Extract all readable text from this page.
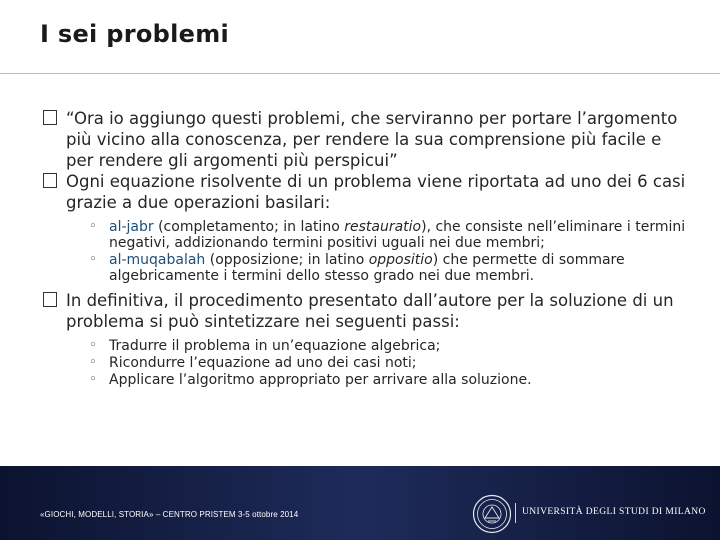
I sei problemi
“Ora io aggiungo questi problemi, che serviranno per portare l’argomento più vicino alla conoscenza, per rendere la sua comprensione più facile e per rendere gli argomenti più perspicui”
Ogni equazione risolvente di un problema viene riportata ad uno dei 6 casi grazie a due operazioni basilari:
◦ al-jabr (completamento; in latino restauratio), che consiste nell’eliminare i termini negativi, addizionando termini positivi uguali nei due membri;
◦ al-muqabalah (opposizione; in latino oppositio) che permette di sommare algebricamente i termini dello stesso grado nei due membri.
In definitiva, il procedimento presentato dall’autore per la soluzione di un problema si può sintetizzare nei seguenti passi:
◦ Tradurre il problema in un’equazione algebrica;
◦ Ricondurre l’equazione ad uno dei casi noti;
◦ Applicare l’algoritmo appropriato per arrivare alla soluzione.
«GIOCHI, MODELLI, STORIA» – CENTRO PRISTEM 3-5 ottobre 2014	UNIVERSITÀ DEGLI STUDI DI MILANO
